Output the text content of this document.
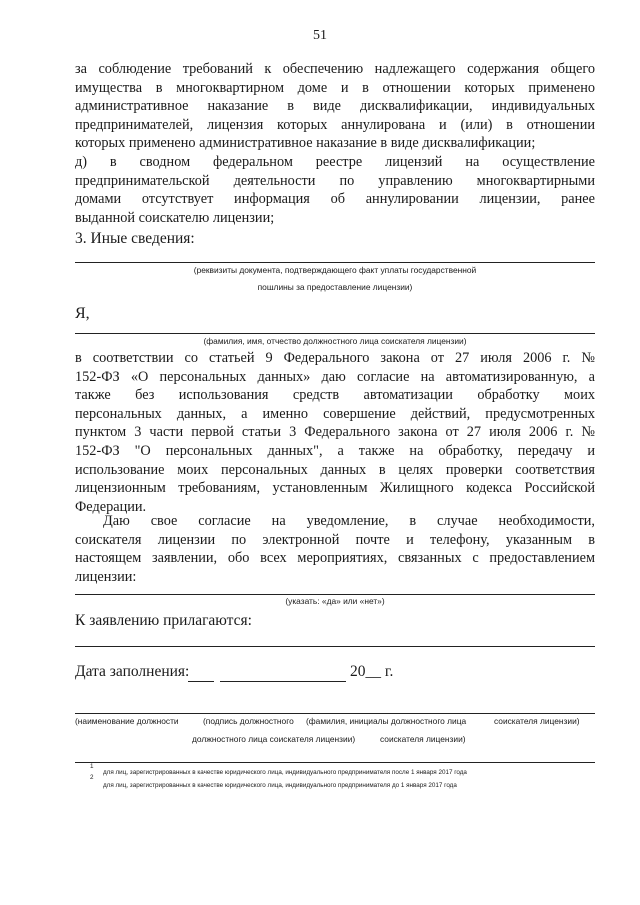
51
за соблюдение требований к обеспечению надлежащего содержания общего
имущества в многоквартирном доме и в отношении которых применено
административное наказание в виде дисквалификации, индивидуальных
предпринимателей, лицензия которых аннулирована и (или) в отношении
которых применено административное наказание в виде дисквалификации;
д) в сводном федеральном реестре лицензий на осуществление
предпринимательской деятельности по управлению многоквартирными
домами отсутствует информация об аннулировании лицензии, ранее
выданной соискателю лицензии;
3. Иные сведения:
(реквизиты документа, подтверждающего факт уплаты государственной
пошлины за предоставление лицензии)
Я,
(фамилия, имя, отчество должностного лица соискателя лицензии)
в соответствии со статьей 9 Федерального закона от 27 июля 2006 г. №
152-ФЗ «О персональных данных» даю согласие на автоматизированную, а
также без использования средств автоматизации обработку моих
персональных данных, а именно совершение действий, предусмотренных
пунктом 3 части первой статьи 3 Федерального закона от 27 июля 2006 г. №
152-ФЗ "О персональных данных", а также на обработку, передачу и
использование моих персональных данных в целях проверки соответствия
лицензионным требованиям, установленным Жилищного кодекса Российской
Федерации.
Даю свое согласие на уведомление, в случае необходимости,
соискателя лицензии по электронной почте и телефону, указанным в
настоящем заявлении, обо всех мероприятиях, связанных с предоставлением
лицензии:
(указать: «да» или «нет»)
К заявлению прилагаются:
Дата заполнения:	20__ г.
(наименование должности	(подпись должностного (фамилия, инициалы должностного лица	соискателя лицензии)
должностного лица соискателя лицензии)	соискателя лицензии)
1
для лиц, зарегистрированных в качестве юридического лица, индивидуального предпринимателя после 1 января 2017 года
2
для лиц, зарегистрированных в качестве юридического лица, индивидуального предпринимателя до 1 января 2017 года
